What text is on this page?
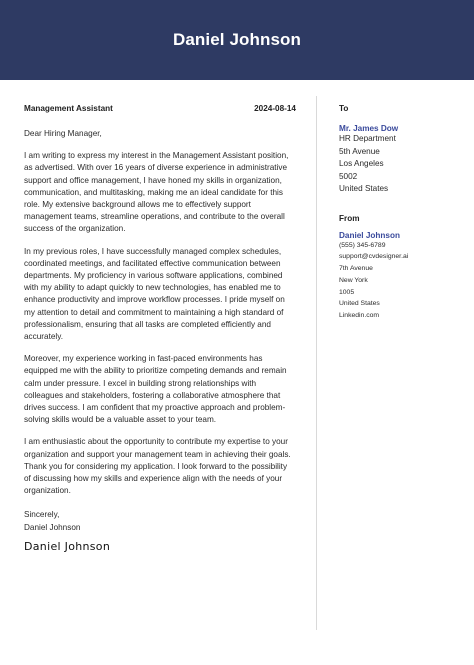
Daniel Johnson
Management Assistant	2024-08-14
Dear Hiring Manager,
I am writing to express my interest in the Management Assistant position, as advertised. With over 16 years of diverse experience in administrative support and office management, I have honed my skills in organization, communication, and multitasking, making me an ideal candidate for this role. My extensive background allows me to effectively support management teams, streamline operations, and contribute to the overall success of the organization.
In my previous roles, I have successfully managed complex schedules, coordinated meetings, and facilitated effective communication between departments. My proficiency in various software applications, combined with my ability to adapt quickly to new technologies, has enabled me to enhance productivity and improve workflow processes. I pride myself on my attention to detail and commitment to maintaining a high standard of professionalism, ensuring that all tasks are completed efficiently and accurately.
Moreover, my experience working in fast-paced environments has equipped me with the ability to prioritize competing demands and remain calm under pressure. I excel in building strong relationships with colleagues and stakeholders, fostering a collaborative atmosphere that drives success. I am confident that my proactive approach and problem-solving skills would be a valuable asset to your team.
I am enthusiastic about the opportunity to contribute my expertise to your organization and support your management team in achieving their goals. Thank you for considering my application. I look forward to the possibility of discussing how my skills and experience align with the needs of your organization.
Sincerely,
Daniel Johnson
Daniel Johnson
To
Mr. James Dow
HR Department
5th Avenue
Los Angeles
5002
United States
From
Daniel Johnson
(555) 345-6789
support@cvdesigner.ai
7th Avenue
New York
1005
United States
Linkedin.com
